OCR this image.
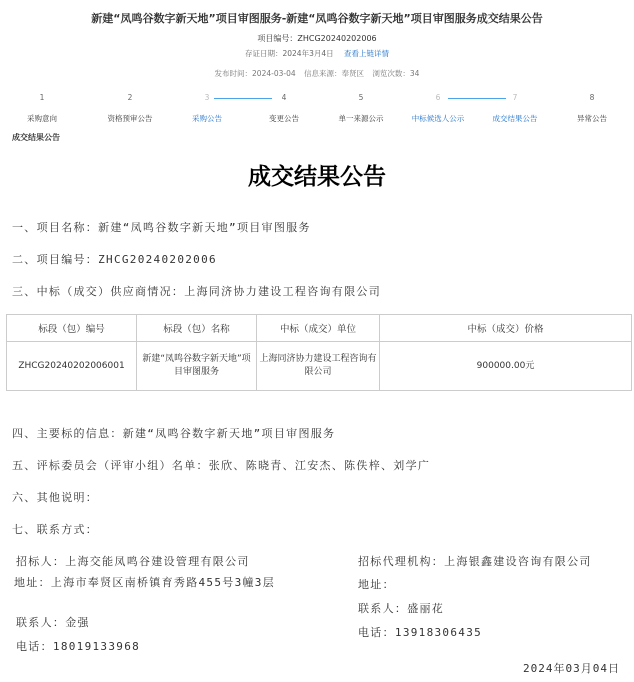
新建“凤鸣谷数字新天地”项目审图服务-新建“凤鸣谷数字新天地”项目审图服务成交结果公告
项目编号：ZHCG20240202006
存证日期：2024年3月4日 查看上链详情
发布时间：2024-03-04 信息来源：奉贤区 浏览次数：34
1
采购意向
2
资格预审公告
3
采购公告
4
变更公告
5
单一来源公示
6
中标候选人公示
7
成交结果公告
8
异常公告
成交结果公告
成交结果公告
一、项目名称：新建“凤鸣谷数字新天地”项目审图服务
二、项目编号：ZHCG20240202006
三、中标（成交）供应商情况：上海同济协力建设工程咨询有限公司
标段（包）编号	标段（包）名称	中标（成交）单位	中标（成交）价格
ZHCG20240202006001	新建“凤鸣谷数字新天地”项目审图服务	上海同济协力建设工程咨询有限公司	900000.00元
四、主要标的信息：新建“凤鸣谷数字新天地”项目审图服务
五、评标委员会（评审小组）名单：张欣、陈晓青、江安杰、陈佚梓、刘学广
六、其他说明：
七、联系方式：
招标人：上海交能凤鸣谷建设管理有限公司
地址：上海市奉贤区南桥镇育秀路455号3幢3层
联系人：金强
电话：18019133968
招标代理机构：上海银鑫建设咨询有限公司
地址：
联系人：盛丽花
电话：13918306435
2024年03月04日
